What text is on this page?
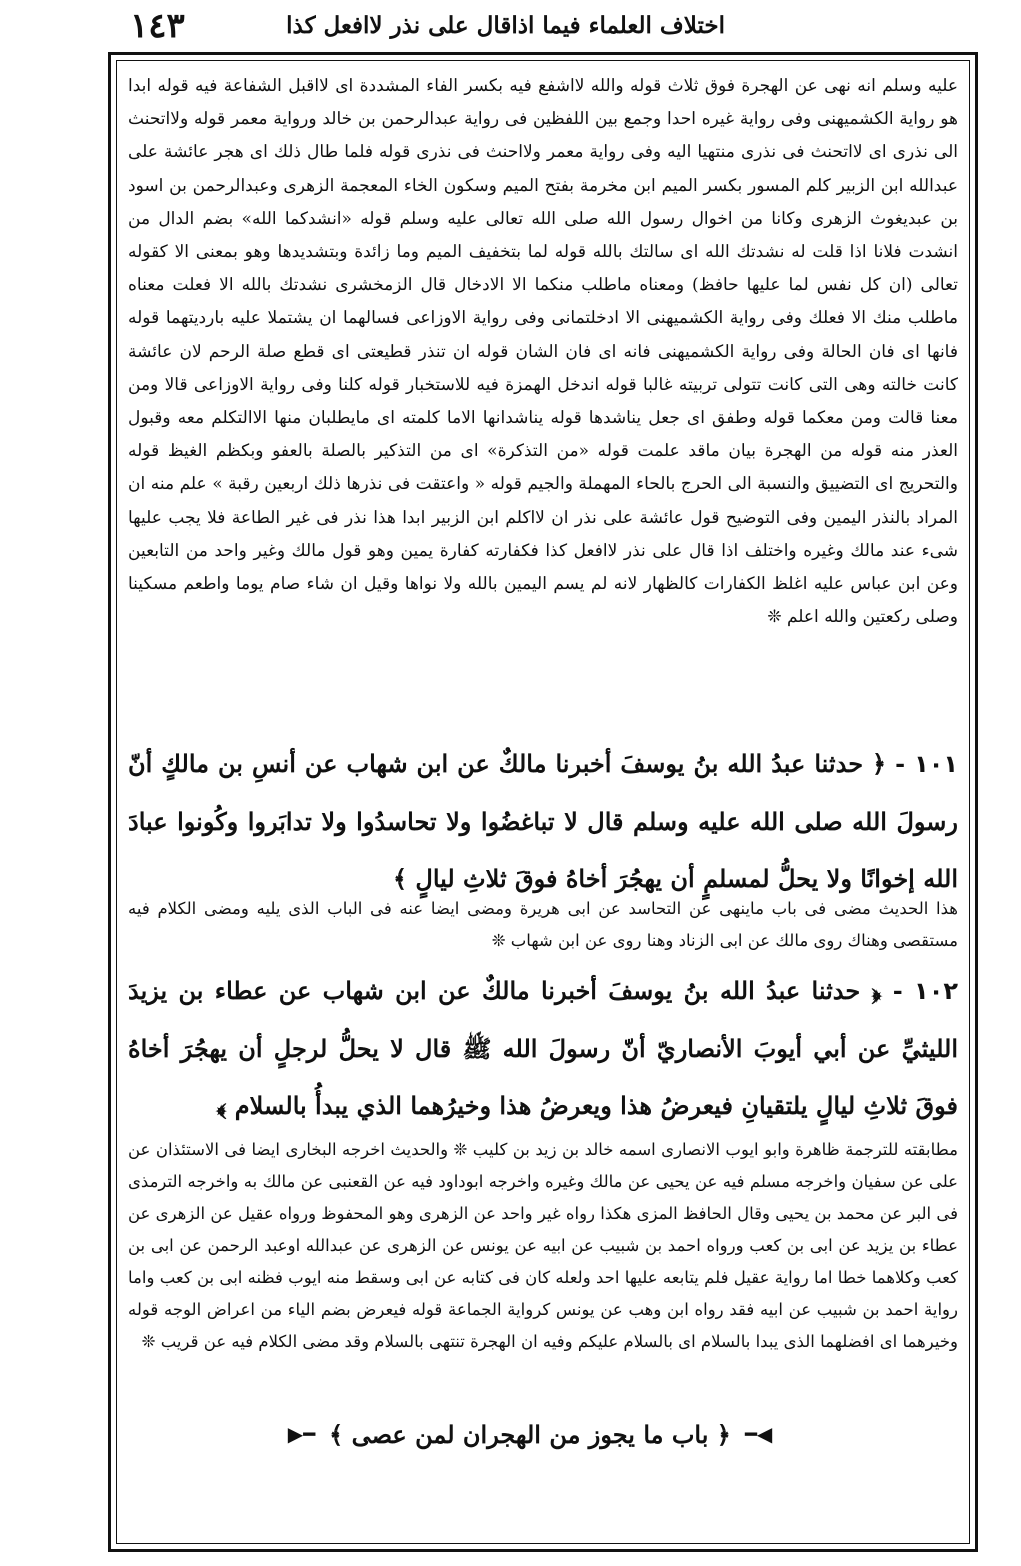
اختلاف العلماء فيما اذاقال على نذر لاافعل كذا
١٤٣

عليه وسلم انه نهى عن الهجرة فوق ثلاث قوله والله لااشفع فيه بكسر الفاء المشددة اى لااقبل الشفاعة فيه قوله ابدا هو رواية الكشميهنى وفى رواية غيره احدا وجمع بين اللفظين فى رواية عبدالرحمن بن خالد ورواية معمر قوله ولااتحنث الى نذرى اى لااتحنث فى نذرى منتهيا اليه وفى رواية معمر ولااحنث فى نذرى قوله فلما طال ذلك اى هجر عائشة على عبدالله ابن الزبير كلم المسور بكسر الميم ابن مخرمة بفتح الميم وسكون الخاء المعجمة الزهرى وعبدالرحمن بن اسود بن عبديغوث الزهرى وكانا من اخوال رسول الله صلى الله تعالى عليه وسلم قوله «انشدكما الله» بضم الدال من انشدت فلانا اذا قلت له نشدتك الله اى سالتك بالله قوله لما بتخفيف الميم وما زائدة وبتشديدها وهو بمعنى الا كقوله تعالى (ان كل نفس لما عليها حافظ) ومعناه ماطلب منكما الا الادخال قال الزمخشرى نشدتك بالله الا فعلت معناه ماطلب منك الا فعلك وفى رواية الكشميهنى الا ادخلتمانى وفى رواية الاوزاعى فسالهما ان يشتملا عليه بارديتهما قوله فانها اى فان الحالة وفى رواية الكشميهنى فانه اى فان الشان قوله ان تنذر قطيعتى اى قطع صلة الرحم لان عائشة كانت خالته وهى التى كانت تتولى تربيته غالبا قوله اندخل الهمزة فيه للاستخبار قوله كلنا وفى رواية الاوزاعى قالا ومن معنا قالت ومن معكما قوله وطفق اى جعل يناشدها قوله يناشدانها الاما كلمته اى مايطلبان منها الاالتكلم معه وقبول العذر منه قوله من الهجرة بيان ماقد علمت قوله «من التذكرة» اى من التذكير بالصلة بالعفو وبكظم الغيظ قوله والتحريج اى التضييق والنسبة الى الحرج بالحاء المهملة والجيم قوله « واعتقت فى نذرها ذلك اربعين رقبة » علم منه ان المراد بالنذر اليمين وفى التوضيح قول عائشة على نذر ان لااكلم ابن الزبير ابدا هذا نذر فى غير الطاعة فلا يجب عليها شىء عند مالك وغيره واختلف اذا قال على نذر لاافعل كذا فكفارته كفارة يمين وهو قول مالك وغير واحد من التابعين وعن ابن عباس عليه اغلظ الكفارات كالظهار لانه لم يسم اليمين بالله ولا نواها وقيل ان شاء صام يوما واطعم مسكينا وصلى ركعتين والله اعلم ❊

١٠١ - ﴿ حدثنا عبدُ الله بنُ يوسفَ أخبرنا مالكٌ عن ابن شهاب عن أنسِ بن مالكٍ أنّ رسولَ الله صلى الله عليه وسلم قال لا تباغضُوا ولا تحاسدُوا ولا تدابَروا وكُونوا عبادَ الله إخوانًا ولا يحلُّ لمسلمٍ أن يهجُرَ أخاهُ فوقَ ثلاثِ ليالٍ ﴾

هذا الحديث مضى فى باب ماينهى عن التحاسد عن ابى هريرة ومضى ايضا عنه فى الباب الذى يليه ومضى الكلام فيه مستقصى وهناك روى مالك عن ابى الزناد وهنا روى عن ابن شهاب ❊

١٠٢ - ﴿ حدثنا عبدُ الله بنُ يوسفَ أخبرنا مالكٌ عن ابن شهاب عن عطاء بن يزيدَ الليثيِّ عن أبي أيوبَ الأنصاريّ أنّ رسولَ الله ﷺ قال لا يحلُّ لرجلٍ أن يهجُرَ أخاهُ فوقَ ثلاثِ ليالٍ يلتقيانِ فيعرضُ هذا ويعرضُ هذا وخيرُهما الذي يبدأُ بالسلام ﴾

مطابقته للترجمة ظاهرة وابو ايوب الانصارى اسمه خالد بن زيد بن كليب ❊ والحديث اخرجه البخارى ايضا فى الاستئذان عن على عن سفيان واخرجه مسلم فيه عن يحيى عن مالك وغيره واخرجه ابوداود فيه عن القعنبى عن مالك به واخرجه الترمذى فى البر عن محمد بن يحيى وقال الحافظ المزى هكذا رواه غير واحد عن الزهرى وهو المحفوظ ورواه عقيل عن الزهرى عن عطاء بن يزيد عن ابى بن كعب ورواه احمد بن شبيب عن ابيه عن يونس عن الزهرى عن عبدالله اوعبد الرحمن عن ابى بن كعب وكلاهما خطا اما رواية عقيل فلم يتابعه عليها احد ولعله كان فى كتابه عن ابى وسقط منه ايوب فظنه ابى بن كعب واما رواية احمد بن شبيب عن ابيه فقد رواه ابن وهب عن يونس كرواية الجماعة قوله فيعرض بضم الياء من اعراض الوجه قوله وخيرهما اى افضلهما الذى يبدا بالسلام اى بالسلام عليكم وفيه ان الهجرة تنتهى بالسلام وقد مضى الكلام فيه عن قريب ❊

◀━
﴿ باب ما يجوز من الهجران لمن عصى ﴾
━▶
